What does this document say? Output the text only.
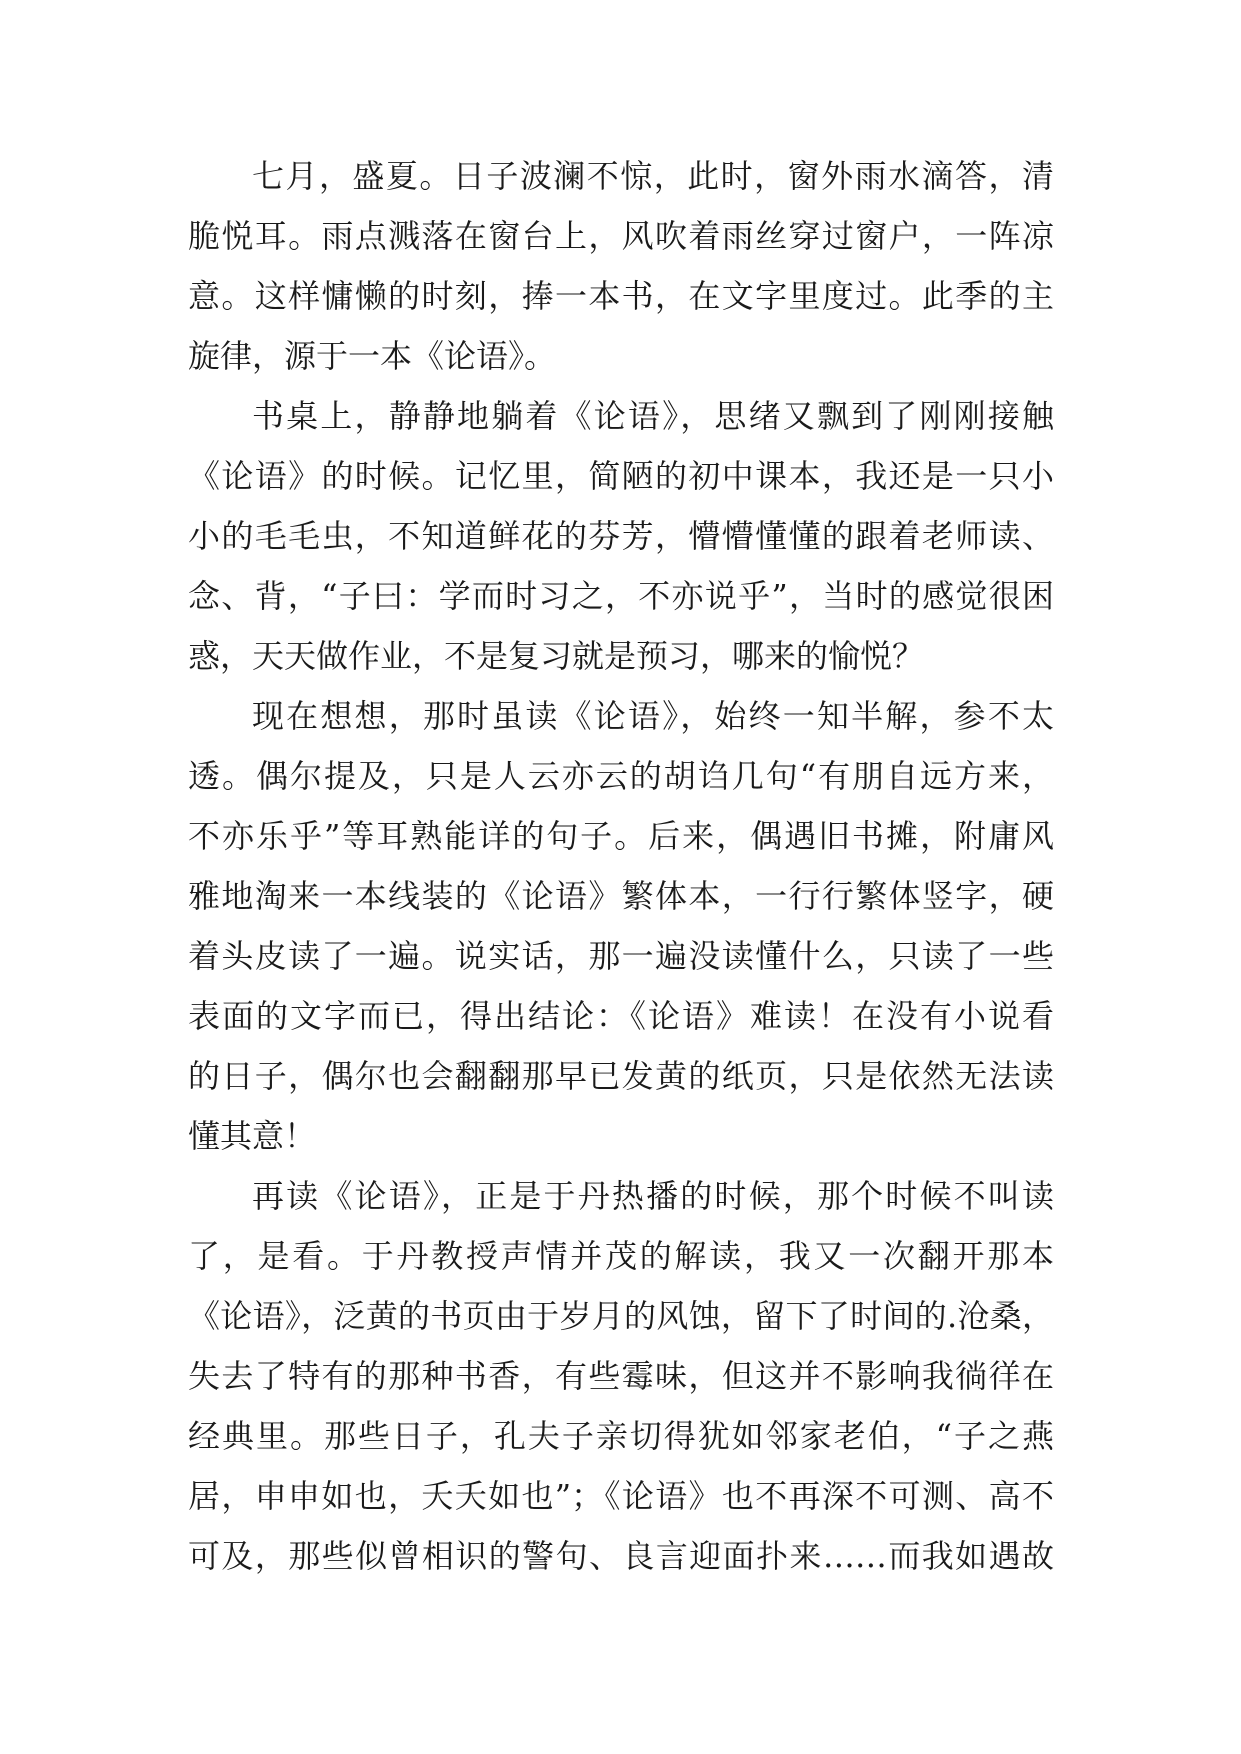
七月，盛夏。日子波澜不惊，此时，窗外雨水滴答，清
脆悦耳。雨点溅落在窗台上，风吹着雨丝穿过窗户，一阵凉
意。这样慵懒的时刻，捧一本书，在文字里度过。此季的主
旋律，源于一本《论语》。
书桌上，静静地躺着《论语》，思绪又飘到了刚刚接触
《论语》的时候。记忆里，简陋的初中课本，我还是一只小
小的毛毛虫，不知道鲜花的芬芳，懵懵懂懂的跟着老师读、
念、背，“子曰：学而时习之，不亦说乎”，当时的感觉很困
惑，天天做作业，不是复习就是预习，哪来的愉悦？
现在想想，那时虽读《论语》，始终一知半解，参不太
透。偶尔提及，只是人云亦云的胡诌几句“有朋自远方来，
不亦乐乎”等耳熟能详的句子。后来，偶遇旧书摊，附庸风
雅地淘来一本线装的《论语》繁体本，一行行繁体竖字，硬
着头皮读了一遍。说实话，那一遍没读懂什么，只读了一些
表面的文字而已，得出结论：《论语》难读！在没有小说看
的日子，偶尔也会翻翻那早已发黄的纸页，只是依然无法读
懂其意！
再读《论语》，正是于丹热播的时候，那个时候不叫读
了，是看。于丹教授声情并茂的解读，我又一次翻开那本
《论语》，泛黄的书页由于岁月的风蚀，留下了时间的.沧桑，
失去了特有的那种书香，有些霉味，但这并不影响我徜徉在
经典里。那些日子，孔夫子亲切得犹如邻家老伯，“子之燕
居，申申如也，夭夭如也”；《论语》也不再深不可测、高不
可及，那些似曾相识的警句、良言迎面扑来……而我如遇故
